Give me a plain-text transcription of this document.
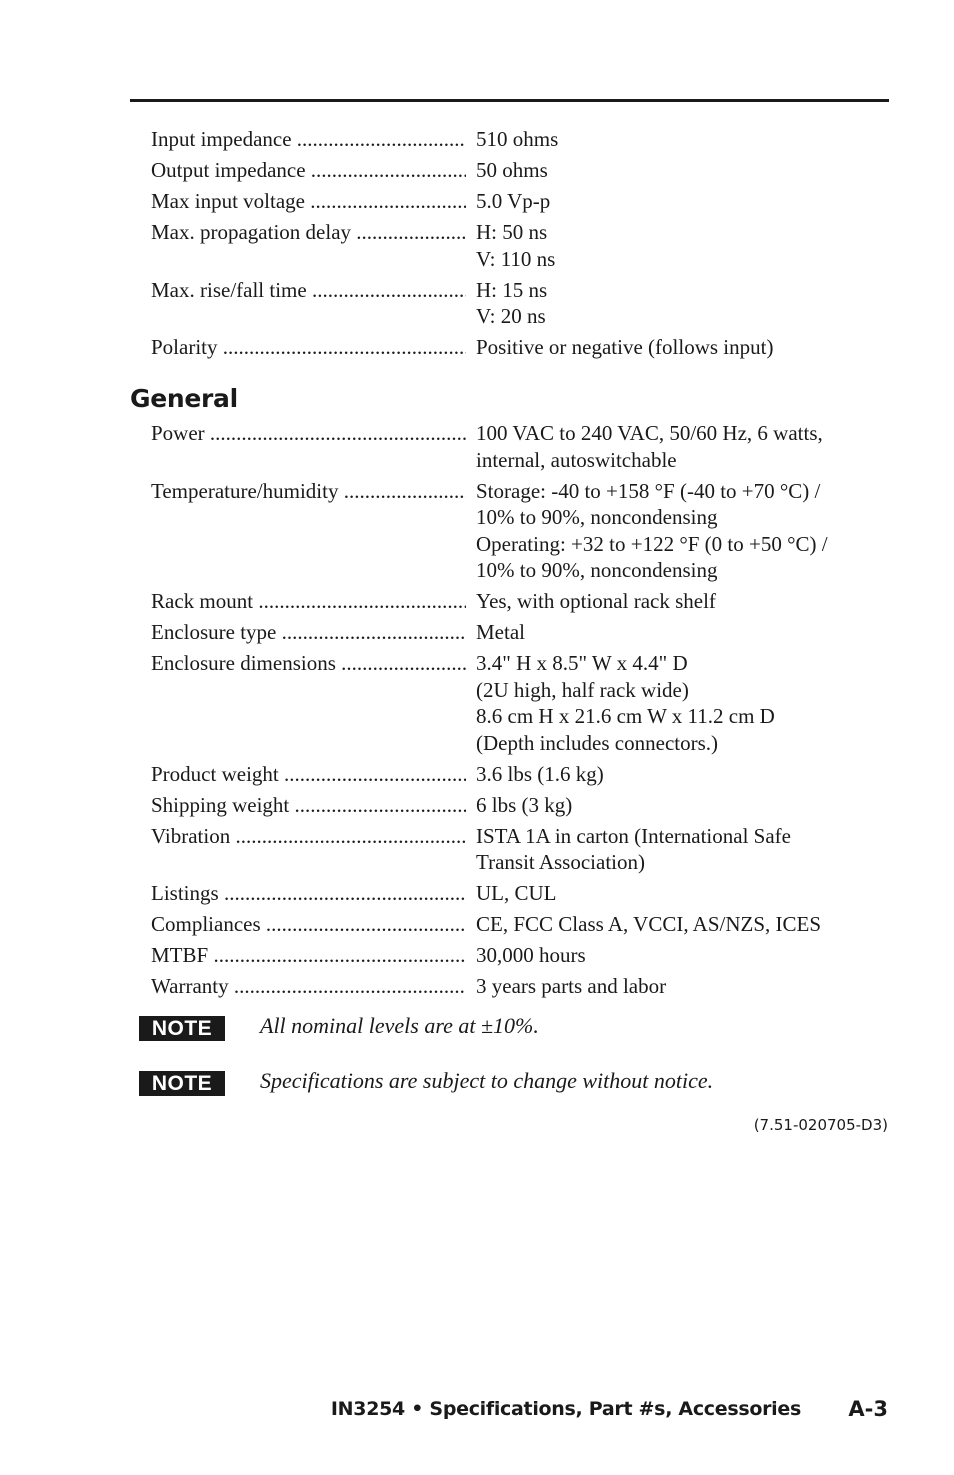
Input impedance .....	510 ohms
Output impedance .....	50 ohms
Max input voltage .....	5.0 Vp-p
Max. propagation delay .....	H: 50 ns
V: 110 ns
Max. rise/fall time .....	H: 15 ns
V: 20 ns
Polarity .....	Positive or negative (follows input)
General
Power .....	100 VAC to 240 VAC, 50/60 Hz, 6 watts,
internal, autoswitchable
Temperature/humidity .....	Storage: -40 to +158 °F (-40 to +70 °C) /
10% to 90%, noncondensing
Operating: +32 to +122 °F (0 to +50 °C) /
10% to 90%, noncondensing
Rack mount .....	Yes, with optional rack shelf
Enclosure type .....	Metal
Enclosure dimensions .....	3.4" H x 8.5" W x 4.4" D
(2U high, half rack wide)
8.6 cm H x 21.6 cm W x 11.2 cm D
(Depth includes connectors.)
Product weight .....	3.6 lbs (1.6 kg)
Shipping weight .....	6 lbs (3 kg)
Vibration .....	ISTA 1A in carton (International Safe
Transit Association)
Listings .....	UL, CUL
Compliances .....	CE, FCC Class A, VCCI, AS/NZS, ICES
MTBF .....	30,000 hours
Warranty .....	3 years parts and labor
NOTE	All nominal levels are at ±10%.
NOTE	Specifications are subject to change without notice.
(7.51-020705-D3)
IN3254 • Specifications, Part #s, Accessories A-3
